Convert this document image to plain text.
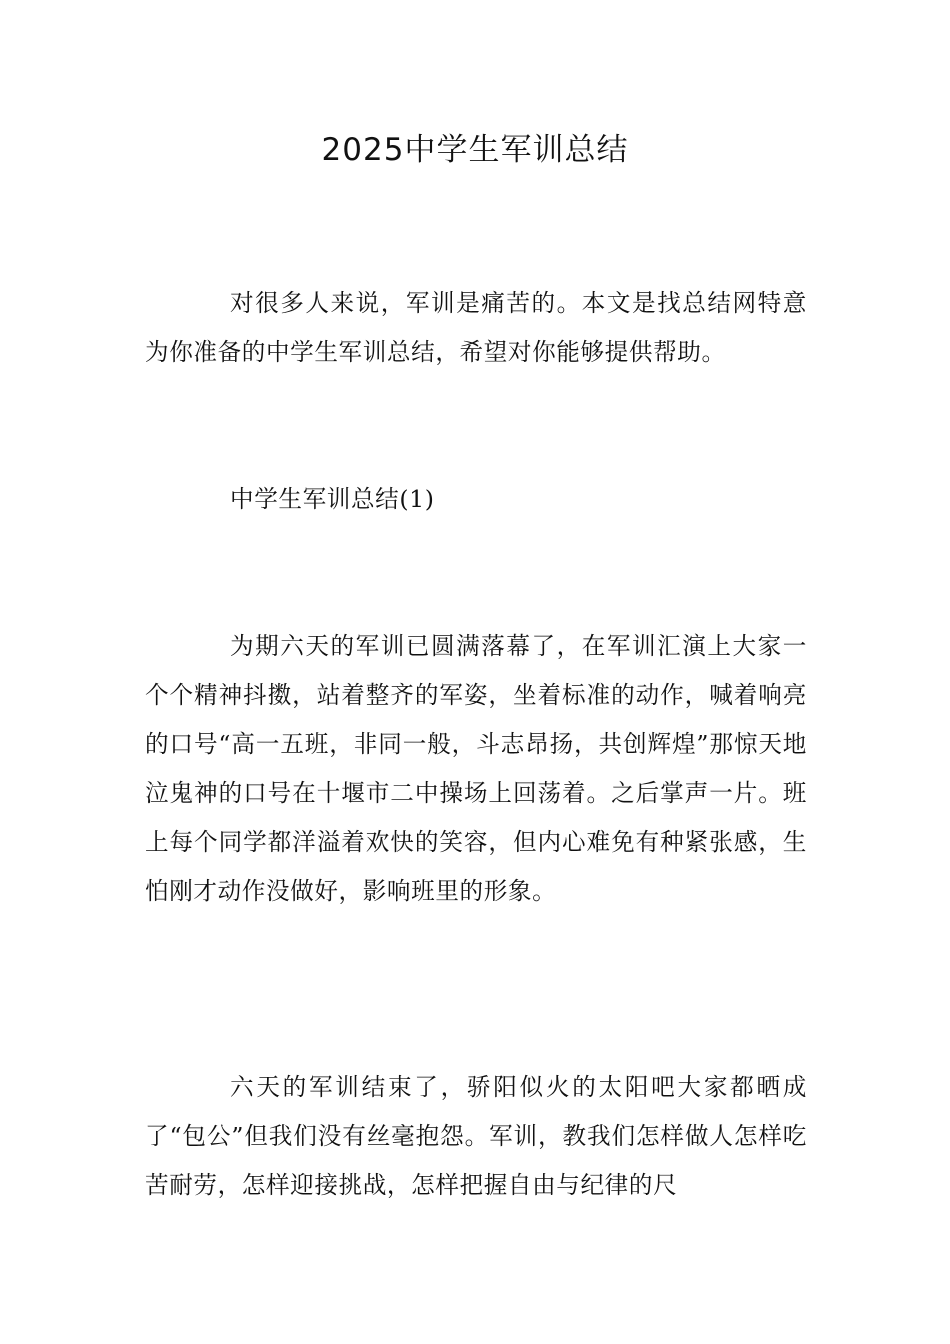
2025中学生军训总结

对很多人来说，军训是痛苦的。本文是找总结网特意为你准备的中学生军训总结，希望对你能够提供帮助。

中学生军训总结(1)

为期六天的军训已圆满落幕了，在军训汇演上大家一个个精神抖擞，站着整齐的军姿，坐着标准的动作，喊着响亮的口号“高一五班，非同一般，斗志昂扬，共创辉煌”那惊天地泣鬼神的口号在十堰市二中操场上回荡着。之后掌声一片。班上每个同学都洋溢着欢快的笑容，但内心难免有种紧张感，生怕刚才动作没做好，影响班里的形象。

六天的军训结束了，骄阳似火的太阳吧大家都晒成了“包公”但我们没有丝毫抱怨。军训，教我们怎样做人怎样吃苦耐劳，怎样迎接挑战，怎样把握自由与纪律的尺
